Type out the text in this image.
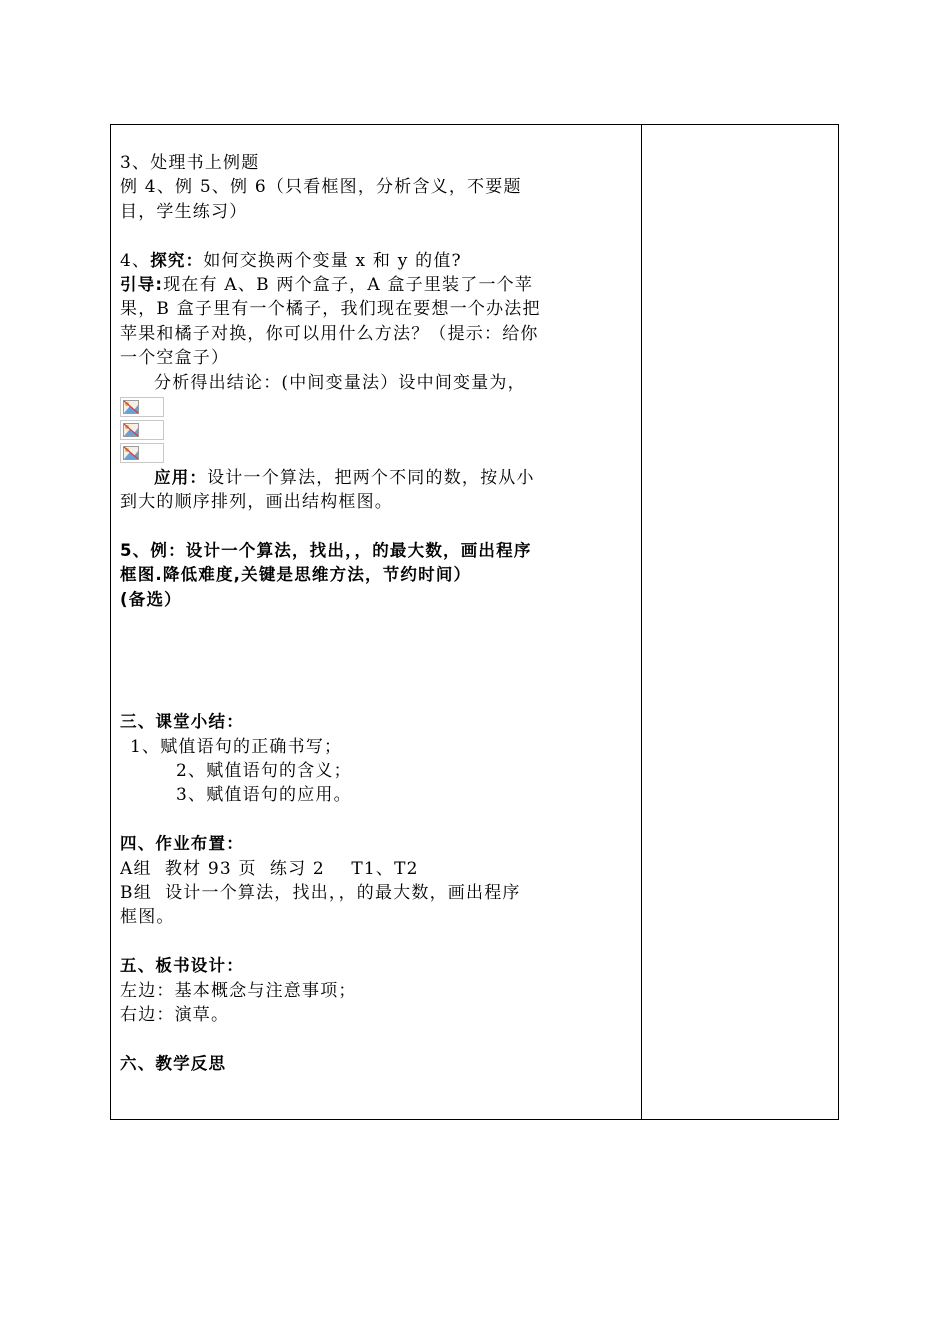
3、处理书上例题
例 4、例 5、例 6（只看框图，分析含义，不要题
目，学生练习）
4、探究：如何交换两个变量 x 和 y 的值?
引导:现在有 A、B 两个盒子，A 盒子里装了一个苹
果，B 盒子里有一个橘子，我们现在要想一个办法把
苹果和橘子对换，你可以用什么方法？（提示：给你
一个空盒子）
分析得出结论：(中间变量法）设中间变量为，
应用：设计一个算法，把两个不同的数，按从小
到大的顺序排列，画出结构框图。
5、例：设计一个算法，找出，，的最大数，画出程序
框图.降低难度,关键是思维方法，节约时间）
(备选）
三、课堂小结：
1、赋值语句的正确书写；
2、赋值语句的含义；
3、赋值语句的应用。
四、作业布置：
A组  教材 93 页  练习 2    T1、T2
B组  设计一个算法，找出，，的最大数，画出程序
框图。
五、板书设计：
左边：基本概念与注意事项；
右边：演草。
六、教学反思
